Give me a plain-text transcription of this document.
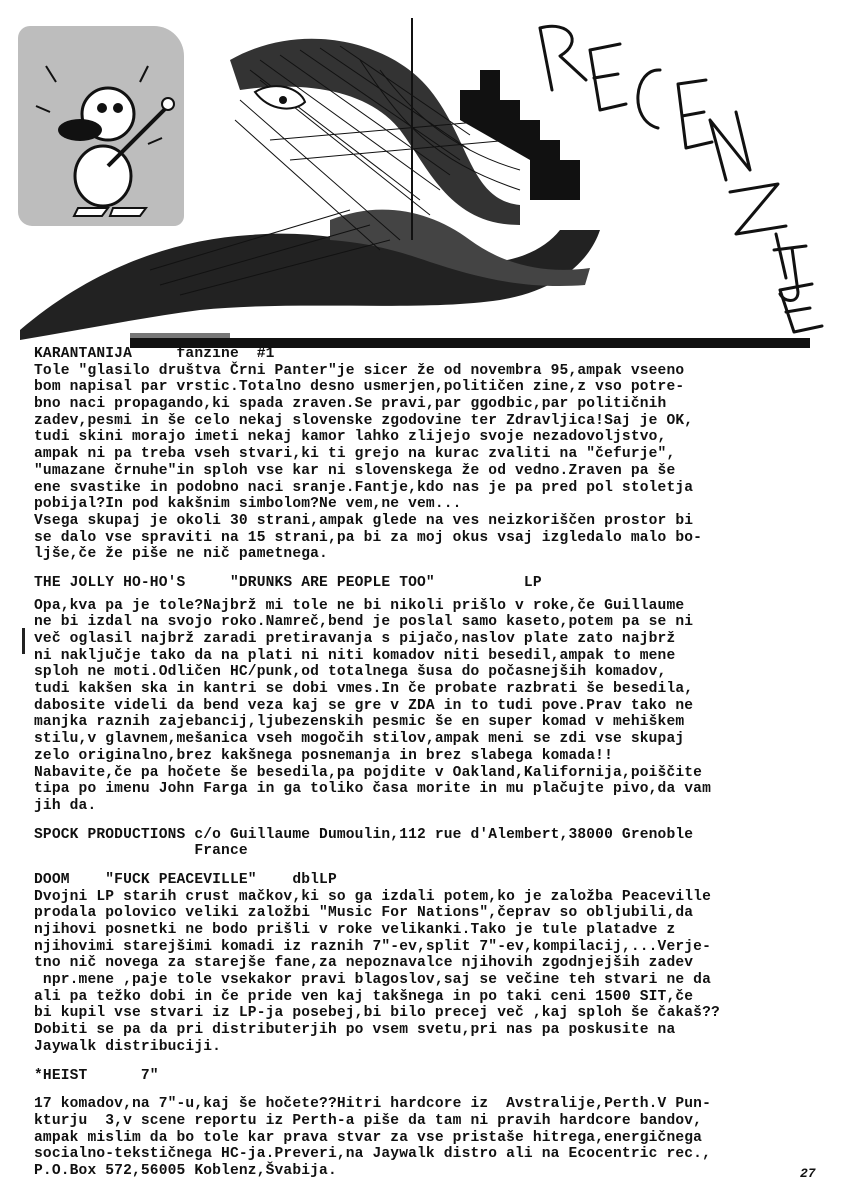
RECENZIJE
KARANTANIJA     fanzine  #1
Tole "glasilo društva Črni Panter"je sicer že od novembra 95,ampak vseeno
bom napisal par vrstic.Totalno desno usmerjen,političen zine,z vso potre-
bno naci propagando,ki spada zraven.Se pravi,par ggodbic,par političnih
zadev,pesmi in še celo nekaj slovenske zgodovine ter Zdravljica!Saj je OK,
tudi skini morajo imeti nekaj kamor lahko zlijejo svoje nezadovoljstvo,
ampak ni pa treba vseh stvari,ki ti grejo na kurac zvaliti na "čefurje",
"umazane črnuhe"in sploh vse kar ni slovenskega že od vedno.Zraven pa še
ene svastike in podobno naci sranje.Fantje,kdo nas je pa pred pol stoletja
pobijal?In pod kakšnim simbolom?Ne vem,ne vem...
Vsega skupaj je okoli 30 strani,ampak glede na ves neizkoriščen prostor bi
se dalo vse spraviti na 15 strani,pa bi za moj okus vsaj izgledalo malo bo-
ljše,če že piše ne nič pametnega.
THE JOLLY HO-HO'S     "DRUNKS ARE PEOPLE TOO"          LP
Opa,kva pa je tole?Najbrž mi tole ne bi nikoli prišlo v roke,če Guillaume
ne bi izdal na svojo roko.Namreč,bend je poslal samo kaseto,potem pa se ni
več oglasil najbrž zaradi pretiravanja s pijačo,naslov plate zato najbrž
ni naključje tako da na plati ni niti komadov niti besedil,ampak to mene
sploh ne moti.Odličen HC/punk,od totalnega šusa do počasnejših komadov,
tudi kakšen ska in kantri se dobi vmes.In če probate razbrati še besedila,
dabosite videli da bend veza kaj se gre v ZDA in to tudi pove.Prav tako ne
manjka raznih zajebancij,ljubezenskih pesmic še en super komad v mehiškem
stilu,v glavnem,mešanica vseh mogočih stilov,ampak meni se zdi vse skupaj
zelo originalno,brez kakšnega posnemanja in brez slabega komada!!
Nabavite,če pa hočete še besedila,pa pojdite v Oakland,Kalifornija,poiščite
tipa po imenu John Farga in ga toliko časa morite in mu plačujte pivo,da vam
jih da.
SPOCK PRODUCTIONS c/o Guillaume Dumoulin,112 rue d'Alembert,38000 Grenoble
France
DOOM    "FUCK PEACEVILLE"    dblLP
Dvojni LP starih crust mačkov,ki so ga izdali potem,ko je založba Peaceville
prodala polovico veliki založbi "Music For Nations",čeprav so obljubili,da
njihovi posnetki ne bodo prišli v roke velikanki.Tako je tule platadve z
njihovimi starejšimi komadi iz raznih 7"-ev,split 7"-ev,kompilacij,...Verje-
tno nič novega za starejše fane,za nepoznavalce njihovih zgodnjejših zadev
npr.mene ,paje tole vsekakor pravi blagoslov,saj se večine teh stvari ne da
ali pa težko dobi in če pride ven kaj takšnega in po taki ceni 1500 SIT,če
bi kupil vse stvari iz LP-ja posebej,bi bilo precej več ,kaj sploh še čakaš??
Dobiti se pa da pri distributerjih po vsem svetu,pri nas pa poskusite na
Jaywalk distribuciji.
*HEIST      7"
17 komadov,na 7"-u,kaj še hočete??Hitri hardcore iz  Avstralije,Perth.V Pun-
kturju  3,v scene reportu iz Perth-a piše da tam ni pravih hardcore bandov,
ampak mislim da bo tole kar prava stvar za vse pristaše hitrega,energičnega
socialno-tekstičnega HC-ja.Preveri,na Jaywalk distro ali na Ecocentric rec.,
P.O.Box 572,56005 Koblenz,Švabija.	27
